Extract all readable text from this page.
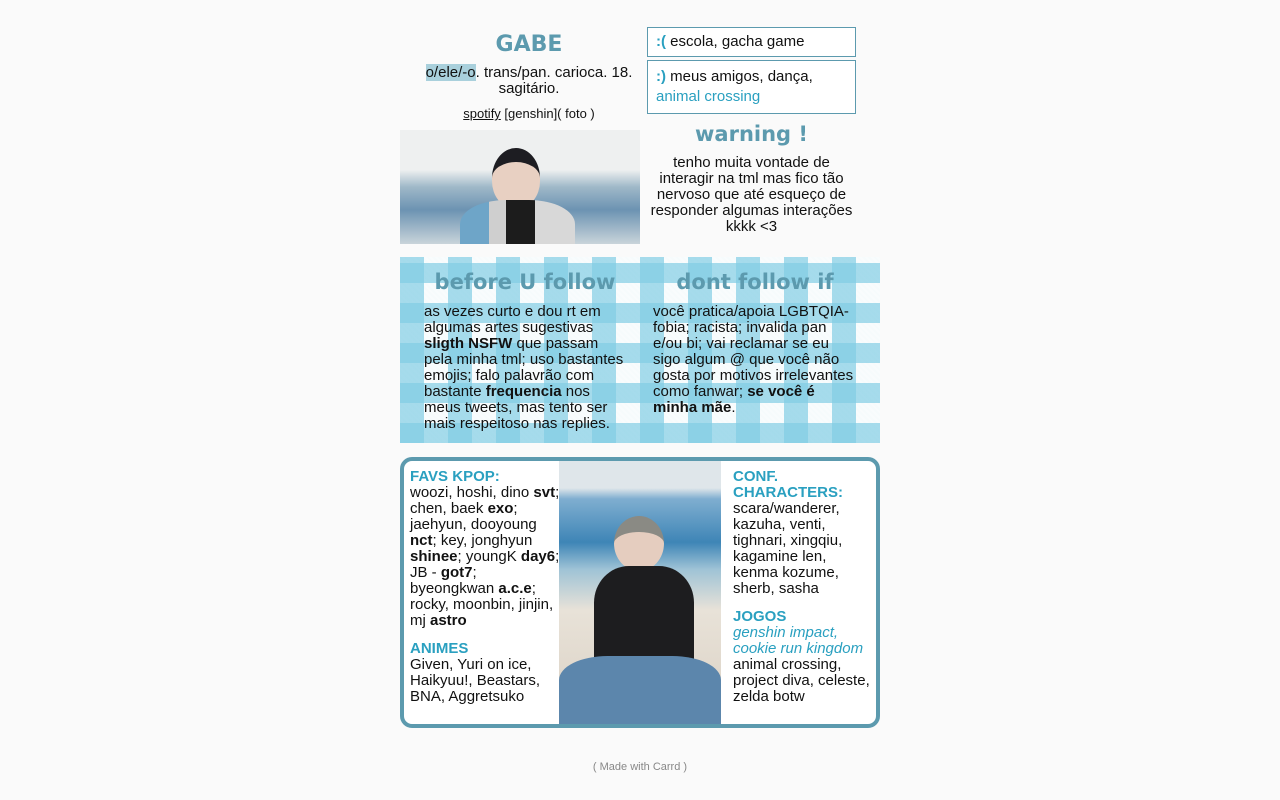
GABE
o/ele/-o. trans/pan. carioca. 18. sagitário.
spotify [genshin]( foto )
:( escola, gacha game
:) meus amigos, dança,
animal crossing
warning !
tenho muita vontade de interagir na tml mas fico tão nervoso que até esqueço de responder algumas interações kkkk <3
before U follow
as vezes curto e dou rt em algumas artes sugestivas sligth NSFW que passam pela minha tml; uso bastantes emojis; falo palavrão com bastante frequencia nos meus tweets, mas tento ser mais respeitoso nas replies.
dont follow if
você pratica/apoia LGBTQIA-fobia; racista; invalida pan e/ou bi; vai reclamar se eu sigo algum @ que você não gosta por motivos irrelevantes como fanwar; se você é minha mãe.
FAVS KPOP:
woozi, hoshi, dino svt; chen, baek exo; jaehyun, dooyoung nct; key, jonghyun shinee; youngK day6; JB - got7; byeongkwan a.c.e; rocky, moonbin, jinjin, mj astro
ANIMES
Given, Yuri on ice, Haikyuu!, Beastars, BNA, Aggretsuko
CONF. CHARACTERS:
scara/wanderer, kazuha, venti, tighnari, xingqiu, kagamine len, kenma kozume, sherb, sasha
JOGOS
genshin impact, cookie run kingdom
animal crossing, project diva, celeste, zelda botw
( Made with Carrd )
